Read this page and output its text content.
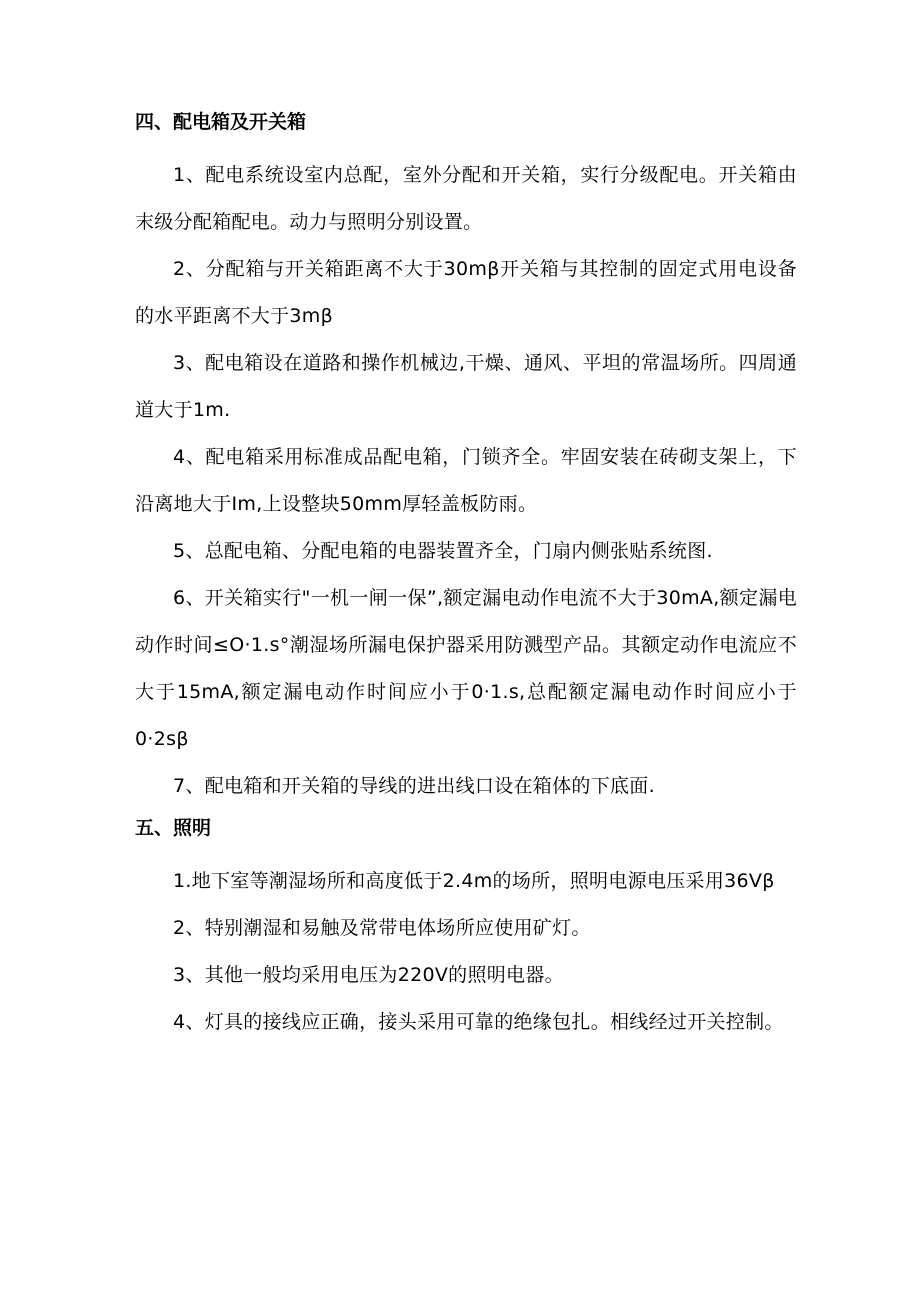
四、配电箱及开关箱

1、配电系统设室内总配，室外分配和开关箱，实行分级配电。开关箱由末级分配箱配电。动力与照明分别设置。

2、分配箱与开关箱距离不大于30mβ开关箱与其控制的固定式用电设备的水平距离不大于3mβ

3、配电箱设在道路和操作机械边,干燥、通风、平坦的常温场所。四周通道大于1m.

4、配电箱采用标准成品配电箱，门锁齐全。牢固安装在砖砌支架上，下沿离地大于Im,上设整块50mm厚轻盖板防雨。

5、总配电箱、分配电箱的电器装置齐全，门扇内侧张贴系统图.

6、开关箱实行"一机一闸一保”,额定漏电动作电流不大于30mA,额定漏电动作时间≤O·1.s°潮湿场所漏电保护器采用防溅型产品。其额定动作电流应不大于15mA,额定漏电动作时间应小于0·1.s,总配额定漏电动作时间应小于0·2sβ

7、配电箱和开关箱的导线的进出线口设在箱体的下底面.

五、照明

1.地下室等潮湿场所和高度低于2.4m的场所，照明电源电压采用36Vβ

2、特别潮湿和易触及常带电体场所应使用矿灯。

3、其他一般均采用电压为220V的照明电器。

4、灯具的接线应正确，接头采用可靠的绝缘包扎。相线经过开关控制。
